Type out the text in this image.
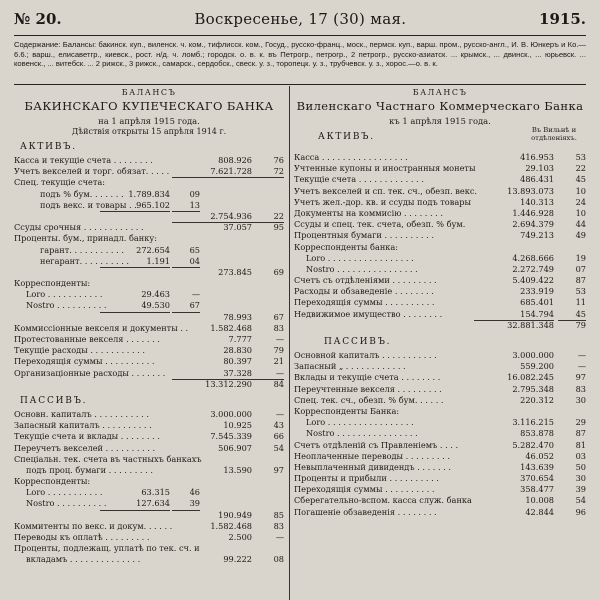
№ 20.	Воскресенье, 17 (30) мая.	1915.
Содержание: Балансы: бакинск. куп., виленск. ч. ком., тифлисск. ком., Госуд., русско-франц., моск., пермск. куп., варш. пром., русско-англ., И. В. Юнкеръ и Ко.—6.6.; варш., елисаветгр., киевск., рост. н/д. ч. ломб.; городск. о. в. к. въ Петрогр., петрогр., 2 петрогр., русско-азиатск. ... крымск., ... двинск., ... юрьевск. ... ковенск., ... витебск. ... 2 рижск., 3 рижск., самарск., сердобск., свеск. у. з., торопецк. у. з., трубчевск. у. з., хорос.—о. в. к.
БАЛАНСЪ
БАКИНСКАГО КУПЕЧЕСКАГО БАНКА
на 1 апрѣля 1915 года.
Дѣйствія открыты 15 апрѣля 1914 г.
АКТИВЪ.
Касса и текущіе счета . . . . . . . .	808.926	76
Учетъ векселей и торг. обязат. . . . .	7.621.728	72
Спец. текущіе счета:
подъ % бум. . . . . . . 1.789.834	09
подъ векс. и товары . . 965.102	13
2.754.936	22
Ссуды срочныя . . . . . . . . . . . .	37.057	95
Проценты. бум., принадл. банку:
гарант. . . . . . . . . . .	272.654	65
негарант. . . . . . . . . .	1.191	04
273.845	69
Корреспонденты:
Loro . . . . . . . . . . .	29.463	—
Nostro . . . . . . . . . .	49.530	67
78.993	67
Коммиссіонные векселя и документы . .	1.582.468	83
Протестованные векселя . . . . . . .	7.777	—
Текущіе расходы . . . . . . . . . . .	28.830	79
Переходящія суммы . . . . . . . . . .	80.397	21
Организаціонные расходы . . . . . . .	37.328	—
13.312.290	84
ПАССИВЪ.
Основн. капиталъ . . . . . . . . . . .	3.000.000	—
Запасный капиталъ . . . . . . . . . .	10.925	43
Текущіе счета и вклады . . . . . . . .	7.545.339	66
Переучетъ векселей . . . . . . . . . .	506.907	54
Спеціальн. тек. счета въ частныхъ банкахъ
подъ проц. бумаги . . . . . . . . .	13.590	97
Корреспонденты:
Loro . . . . . . . . . . .	63.315	46
Nostro . . . . . . . . . .	127.634	39
190.949	85
Коммитенты по векс. и докум. . . . . .	1.582.468	83
Переводы къ оплатѣ . . . . . . . . .	2.500	—
Проценты, подлежащ. уплатѣ по тек. сч. и
вкладамъ . . . . . . . . . . . . . .	99.222	08
БАЛАНСЪ
Виленскаго Частнаго Коммерческаго Банка
къ 1 апрѣля 1915 года.
АКТИВЪ.
Въ Вильнѣ и отдѣленіяхъ.
Касса . . . . . . . . . . . . . . . . .	416.953	53
Учтенные купоны и иностранныя монеты	29.103	22
Текущіе счета . . . . . . . . . . . . .	486.431	45
Учетъ векселей и сп. тек. сч., обезп. векс.	13.893.073	10
Учетъ жел.-дор. кв. и ссуды подъ товары	140.313	24
Документы на коммисію . . . . . . . .	1.446.928	10
Ссуды и спец. тек. счета, обезп. % бум.	2.694.379	44
Процентныя бумаги . . . . . . . . . .	749.213	49
Корреспонденты банка:
Loro . . . . . . . . . . . . . . . . .	4.268.666	19
Nostro . . . . . . . . . . . . . . . .	2.272.749	07
Счетъ съ отдѣленіями . . . . . . . . .	5.409.422	87
Расходы и обзаведеніе . . . . . . . .	233.919	53
Переходящія суммы . . . . . . . . . .	685.401	11
Недвижимое имущество . . . . . . . .	154.794	45
32.881.348	79
ПАССИВЪ.
Основной капиталъ . . . . . . . . . . .	3.000.000	—
Запасный „ . . . . . . . . . . . .	559.200	—
Вклады и текущіе счета . . . . . . . .	16.082.245	97
Переучтенные векселя . . . . . . . . .	2.795.348	83
Спец. тек. сч., обезп. % бум. . . . . .	220.312	30
Корреспонденты Банка:
Loro . . . . . . . . . . . . . . . . .	3.116.215	29
Nostro . . . . . . . . . . . . . . . .	853.878	87
Счетъ отдѣленій съ Правленіемъ . . . .	5.282.470	81
Неоплаченные переводы . . . . . . . . .	46.052	03
Невыплаченный дивидендъ . . . . . . .	143.639	50
Проценты и прибыли . . . . . . . . . .	370.654	30
Переходящія суммы . . . . . . . . . .	358.477	39
Сберегательно-вспом. касса служ. банка	10.008	54
Погашеніе обзаведенія . . . . . . . .	42.844	96
